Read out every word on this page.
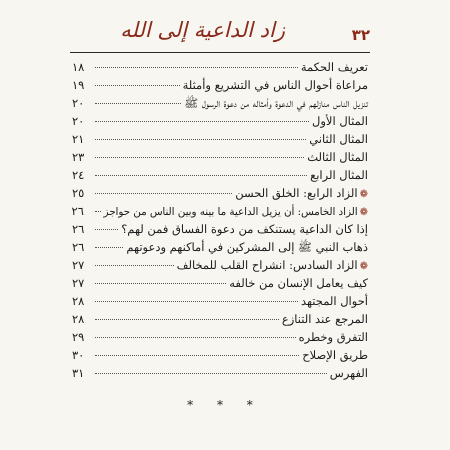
٣٢
زاد الداعية إلى الله
تعريف الحكمة
١٨
مراعاة أحوال الناس في التشريع وأمثلة
١٩
تنزيل الناس منازلهم في الدعوة وأمثاله من دعوة الرسول ﷺ
٢٠
المثال الأول
٢٠
المثال الثاني
٢١
المثال الثالث
٢٣
المثال الرابع
٢٤
❁
الزاد الرابع: الخلق الحسن
٢٥
❁
الزاد الخامس: أن يزيل الداعية ما بينه وبين الناس من حواجز
٢٦
إذا كان الداعية يستنكف من دعوة الفساق فمن لهم؟
٢٦
ذهاب النبي ﷺ إلى المشركين في أماكنهم ودعوتهم
٢٦
❁
الزاد السادس: انشراح القلب للمخالف
٢٧
كيف يعامل الإنسان من خالفه
٢٧
أحوال المجتهد
٢٨
المرجع عند التنازع
٢٨
التفرق وخطره
٢٩
طريق الإصلاح
٣٠
الفهرس
٣١
* * *
